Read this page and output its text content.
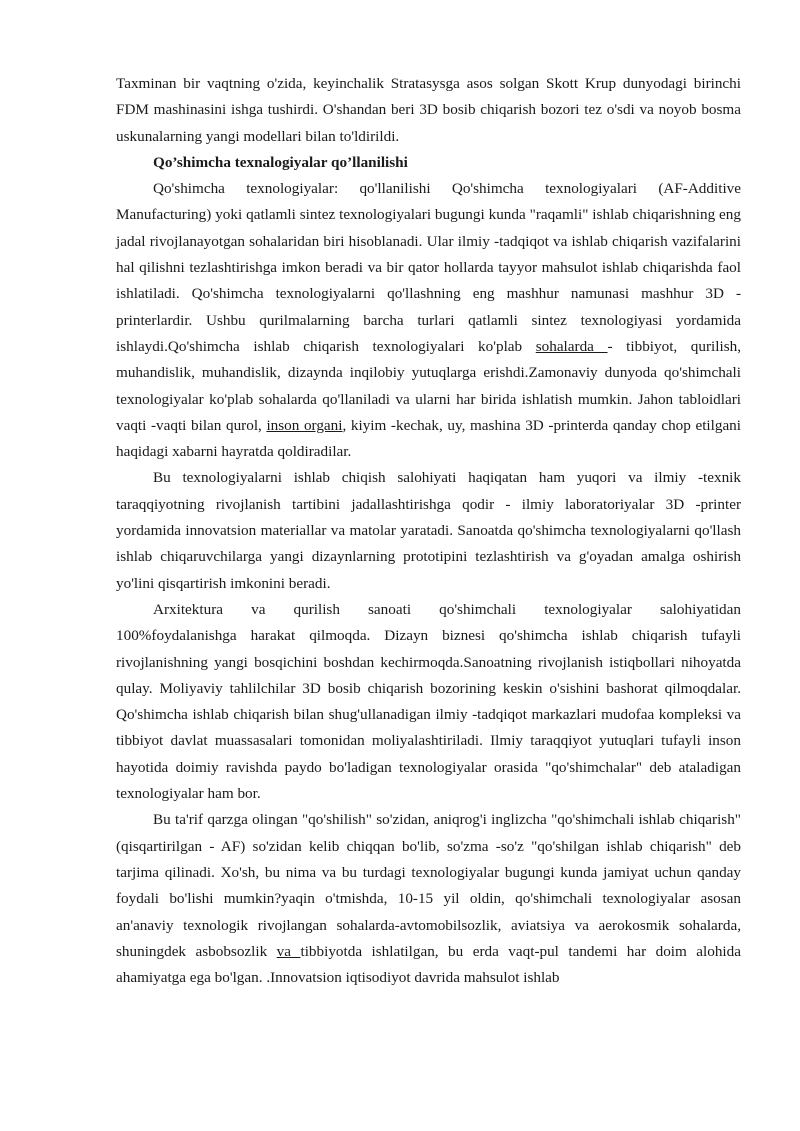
Taxminan bir vaqtning o'zida, keyinchalik Stratasysga asos solgan Skott Krup dunyodagi birinchi FDM mashinasini ishga tushirdi. O'shandan beri 3D bosib chiqarish bozori tez o'sdi va noyob bosma uskunalarning yangi modellari bilan to'ldirildi.

Qo’shimcha texnalogiyalar qo’llanilishi

Qo'shimcha texnologiyalar: qo'llanilishi Qo'shimcha texnologiyalari (AF-Additive Manufacturing) yoki qatlamli sintez texnologiyalari bugungi kunda "raqamli" ishlab chiqarishning eng jadal rivojlanayotgan sohalaridan biri hisoblanadi. Ular ilmiy -tadqiqot va ishlab chiqarish vazifalarini hal qilishni tezlashtirishga imkon beradi va bir qator hollarda tayyor mahsulot ishlab chiqarishda faol ishlatiladi. Qo'shimcha texnologiyalarni qo'llashning eng mashhur namunasi mashhur 3D -printerlardir. Ushbu qurilmalarning barcha turlari qatlamli sintez texnologiyasi yordamida ishlaydi.Qo'shimcha ishlab chiqarish texnologiyalari ko'plab sohalarda - tibbiyot, qurilish, muhandislik, muhandislik, dizaynda inqilobiy yutuqlarga erishdi.Zamonaviy dunyoda qo'shimchali texnologiyalar ko'plab sohalarda qo'llaniladi va ularni har birida ishlatish mumkin. Jahon tabloidlari vaqti -vaqti bilan qurol, inson organi, kiyim -kechak, uy, mashina 3D -printerda qanday chop etilgani haqidagi xabarni hayratda qoldiradilar.

Bu texnologiyalarni ishlab chiqish salohiyati haqiqatan ham yuqori va ilmiy -texnik taraqqiyotning rivojlanish tartibini jadallashtirishga qodir - ilmiy laboratoriyalar 3D -printer yordamida innovatsion materiallar va matolar yaratadi. Sanoatda qo'shimcha texnologiyalarni qo'llash ishlab chiqaruvchilarga yangi dizaynlarning prototipini tezlashtirish va g'oyadan amalga oshirish yo'lini qisqartirish imkonini beradi.

Arxitektura va qurilish sanoati qo'shimchali texnologiyalar salohiyatidan
100%foydalanishga harakat qilmoqda. Dizayn biznesi qo'shimcha ishlab chiqarish tufayli rivojlanishning yangi bosqichini boshdan kechirmoqda.Sanoatning rivojlanish istiqbollari nihoyatda qulay. Moliyaviy tahlilchilar 3D bosib chiqarish bozorining keskin o'sishini bashorat qilmoqdalar. Qo'shimcha ishlab chiqarish bilan shug'ullanadigan ilmiy -tadqiqot markazlari mudofaa kompleksi va tibbiyot davlat muassasalari tomonidan moliyalashtiriladi. Ilmiy taraqqiyot yutuqlari tufayli inson hayotida doimiy ravishda paydo bo'ladigan texnologiyalar orasida "qo'shimchalar" deb ataladigan texnologiyalar ham bor.

Bu ta'rif qarzga olingan "qo'shilish" so'zidan, aniqrog'i inglizcha "qo'shimchali ishlab chiqarish" (qisqartirilgan - AF) so'zidan kelib chiqqan bo'lib, so'zma -so'z "qo'shilgan ishlab chiqarish" deb tarjima qilinadi. Xo'sh, bu nima va bu turdagi texnologiyalar bugungi kunda jamiyat uchun qanday foydali bo'lishi mumkin?yaqin o'tmishda, 10-15 yil oldin, qo'shimchali texnologiyalar asosan an'anaviy texnologik rivojlangan sohalarda-avtomobilsozlik, aviatsiya va aerokosmik sohalarda, shuningdek asbobsozlik va tibbiyotda ishlatilgan, bu erda vaqt-pul tandemi har doim alohida ahamiyatga ega bo'lgan. .Innovatsion iqtisodiyot davrida mahsulot ishlab
